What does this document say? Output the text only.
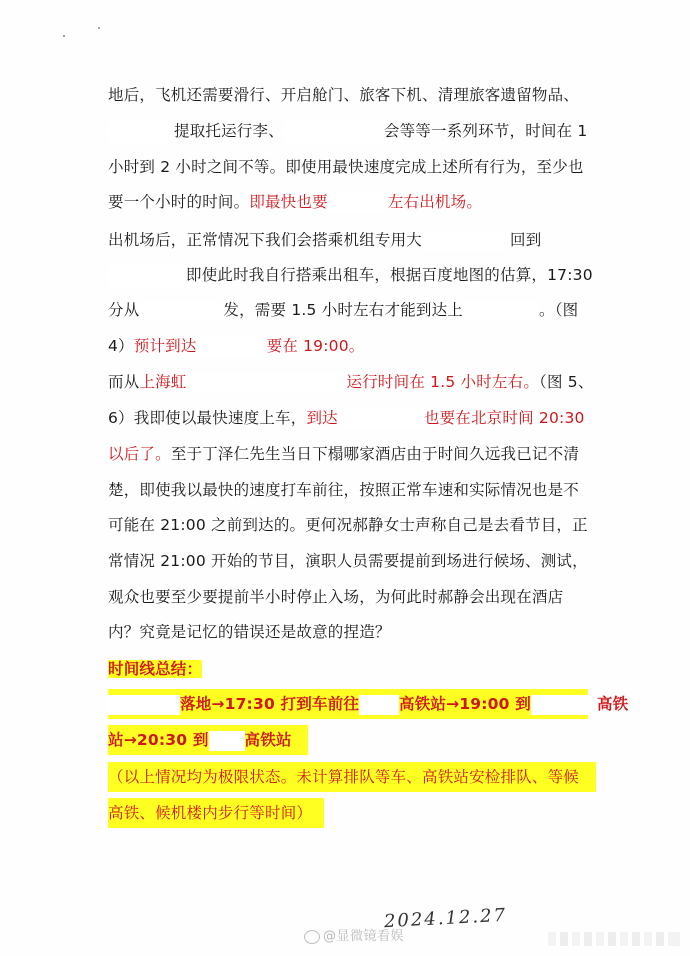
地后，飞机还需要滑行、开启舱门、旅客下机、清理旅客遗留物品、
提取托运行李、	会等等一系列环节，时间在 1
小时到 2 小时之间不等。即使用最快速度完成上述所有行为，至少也
要一个小时的时间。即最快也要	左右出机场。
出机场后，正常情况下我们会搭乘机组专用大	回到
即使此时我自行搭乘出租车，根据百度地图的估算，17:30
分从	发，需要 1.5 小时左右才能到达上	。（图
4）预计到达	要在 19:00。
而从上海虹	运行时间在 1.5 小时左右。（图 5、
6）我即使以最快速度上车，到达	也要在北京时间 20:30
以后了。至于丁泽仁先生当日下榻哪家酒店由于时间久远我已记不清
楚，即使我以最快的速度打车前往，按照正常车速和实际情况也是不
可能在 21:00 之前到达的。更何况郝静女士声称自己是去看节目，正
常情况 21:00 开始的节目，演职人员需要提前到场进行候场、测试，
观众也要至少要提前半小时停止入场，为何此时郝静会出现在酒店
内？究竟是记忆的错误还是故意的捏造？
时间线总结：
落地→17:30 打到车前往	高铁站→19:00 到	高铁
站→20:30 到 高铁站
（以上情况均为极限状态。未计算排队等车、高铁站安检排队、等候
高铁、候机楼内步行等时间）
2024.12.27
@显微镜看娱
